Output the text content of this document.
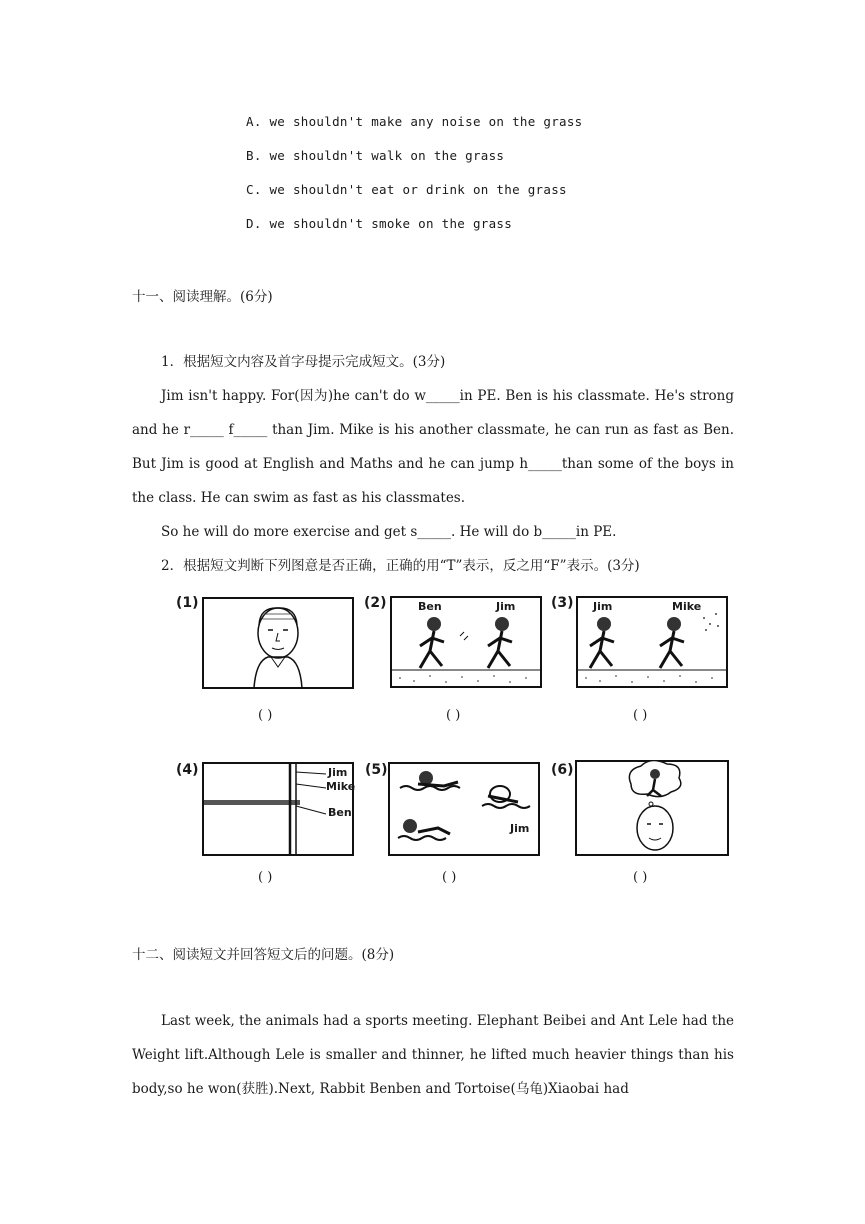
A. we shouldn't make any noise on the grass
B. we shouldn't walk on the grass
C. we shouldn't eat or drink on the grass
D. we shouldn't smoke on the grass
十一、阅读理解。(6分)

1．根据短文内容及首字母提示完成短文。(3分)

Jim isn't happy. For(因为)he can't do w_____in PE. Ben is his classmate. He's strong and he r_____ f_____ than Jim. Mike is his another classmate, he can run as fast as Ben. But Jim is good at English and Maths and he can jump h_____than some of the boys in the class. He can swim as fast as his classmates.

So he will do more exercise and get s_____. He will do b_____in PE.

2．根据短文判断下列图意是否正确，正确的用“T”表示，反之用“F”表示。(3分)

(1)
( )
(2)	Ben	Jim
( )
(3) Jim	Mike
( )
(4)	Jim
Mike
Ben
( )
(5)
Jim
( )
(6)
( )
十二、阅读短文并回答短文后的问题。(8分)

Last week, the animals had a sports meeting. Elephant Beibei and Ant Lele had the Weight lift.Although Lele is smaller and thinner, he lifted much heavier things than his body,so he won(获胜).Next, Rabbit Benben and Tortoise(乌龟)Xiaobai had
